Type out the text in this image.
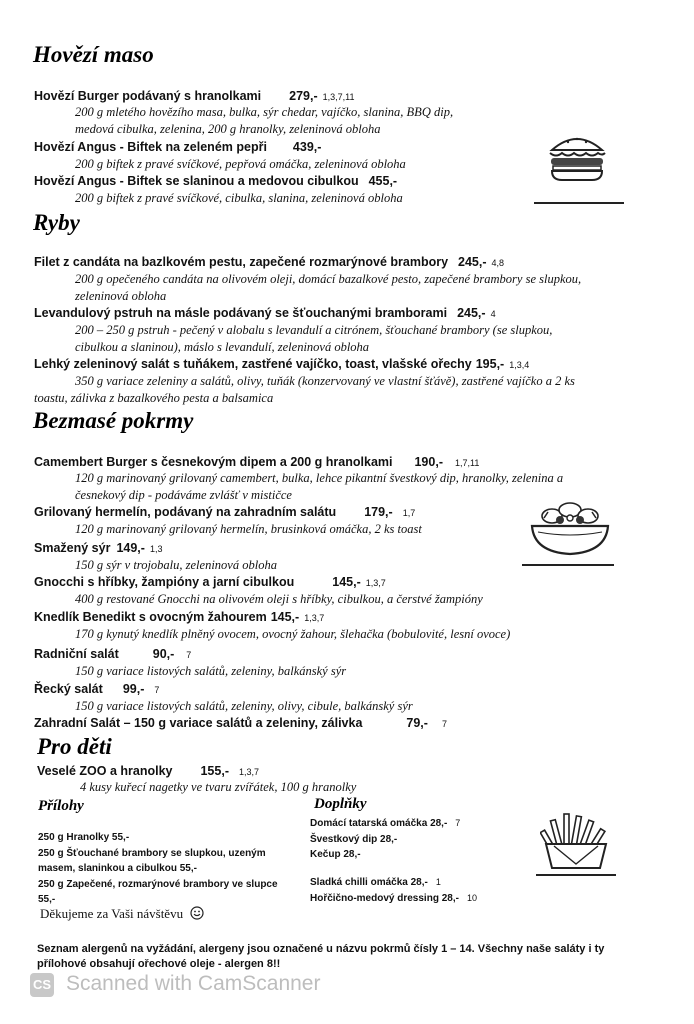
Hovězí maso
Hovězí Burger podávaný s hranolkami 279,- 1,3,7,11
200 g mletého hovězího masa, bulka, sýr chedar, vajíčko, slanina, BBQ dip,
medová cibulka, zelenina, 200 g hranolky, zeleninová obloha
Hovězí Angus - Biftek na zeleném pepři 439,-
200 g biftek z pravé svíčkové, pepřová omáčka, zeleninová obloha
Hovězí Angus - Biftek se slaninou a medovou cibulkou 455,-
200 g biftek z pravé svíčkové, cibulka, slanina, zeleninová obloha
Ryby
Filet z candáta na bazlkovém pestu, zapečené rozmarýnové brambory 245,- 4,8
200 g opečeného candáta na olivovém oleji, domácí bazalkové pesto, zapečené brambory se slupkou,
zeleninová obloha
Levandulový pstruh na másle podávaný se šťouchanými bramborami 245,- 4
200 – 250 g pstruh - pečený v alobalu s levandulí a citrónem, šťouchané brambory (se slupkou,
cibulkou a slaninou), máslo s levandulí, zeleninová obloha
Lehký zeleninový salát s tuňákem, zastřené vajíčko, toast, vlašské ořechy 195,- 1,3,4
350 g variace zeleniny a salátů, olivy, tuňák (konzervovaný ve vlastní šťávě), zastřené vajíčko a 2 ks
toastu, zálivka z bazalkového pesta a balsamica
Bezmasé pokrmy
Camembert Burger s česnekovým dipem a 200 g hranolkami 190,- 1,7,11
120 g marinovaný grilovaný camembert, bulka, lehce pikantní švestkový dip, hranolky, zelenina a
česnekový dip - podáváme zvlášť v mističce
Grilovaný hermelín, podávaný na zahradním salátu 179,- 1,7
120 g marinovaný grilovaný hermelín, brusinková omáčka, 2 ks toast
Smažený sýr 149,- 1,3
150 g sýr v trojobalu, zeleninová obloha
Gnocchi s hříbky, žampióny a jarní cibulkou	145,- 1,3,7
400 g restované Gnocchi na olivovém oleji s hříbky, cibulkou, a čerstvé žampióny
Knedlík Benedikt s ovocným žahourem 145,- 1,3,7
170 g kynutý knedlík plněný ovocem, ovocný žahour, šlehačka (bobulovité, lesní ovoce)
Radniční salát	90,- 7
150 g variace listových salátů, zeleniny, balkánský sýr
Řecký salát 99,- 7
150 g variace listových salátů, zeleniny, olivy, cibule, balkánský sýr
Zahradní Salát – 150 g variace salátů a zeleniny, zálivka	79,- 7
Pro děti
Veselé ZOO a hranolky 155,- 1,3,7
4 kusy kuřecí nagetky ve tvaru zvířátek, 100 g hranolky
Přílohy
250 g Hranolky 55,-
250 g Šťouchané brambory se slupkou, uzeným
masem, slaninkou a cibulkou 55,-
250 g Zapečené, rozmarýnové brambory ve slupce
55,-
Doplňky
Domácí tatarská omáčka 28,- 7
Švestkový dip 28,-
Kečup 28,-
Sladká chilli omáčka 28,- 1
Hořčično-medový dressing 28,- 10
Děkujeme za Vaši návštěvu
Seznam alergenů na vyžádání, alergeny jsou označené u názvu pokrmů čísly 1 – 14. Všechny naše saláty i ty
přílohové obsahují ořechové oleje - alergen 8!!
CS Scanned with CamScanner
